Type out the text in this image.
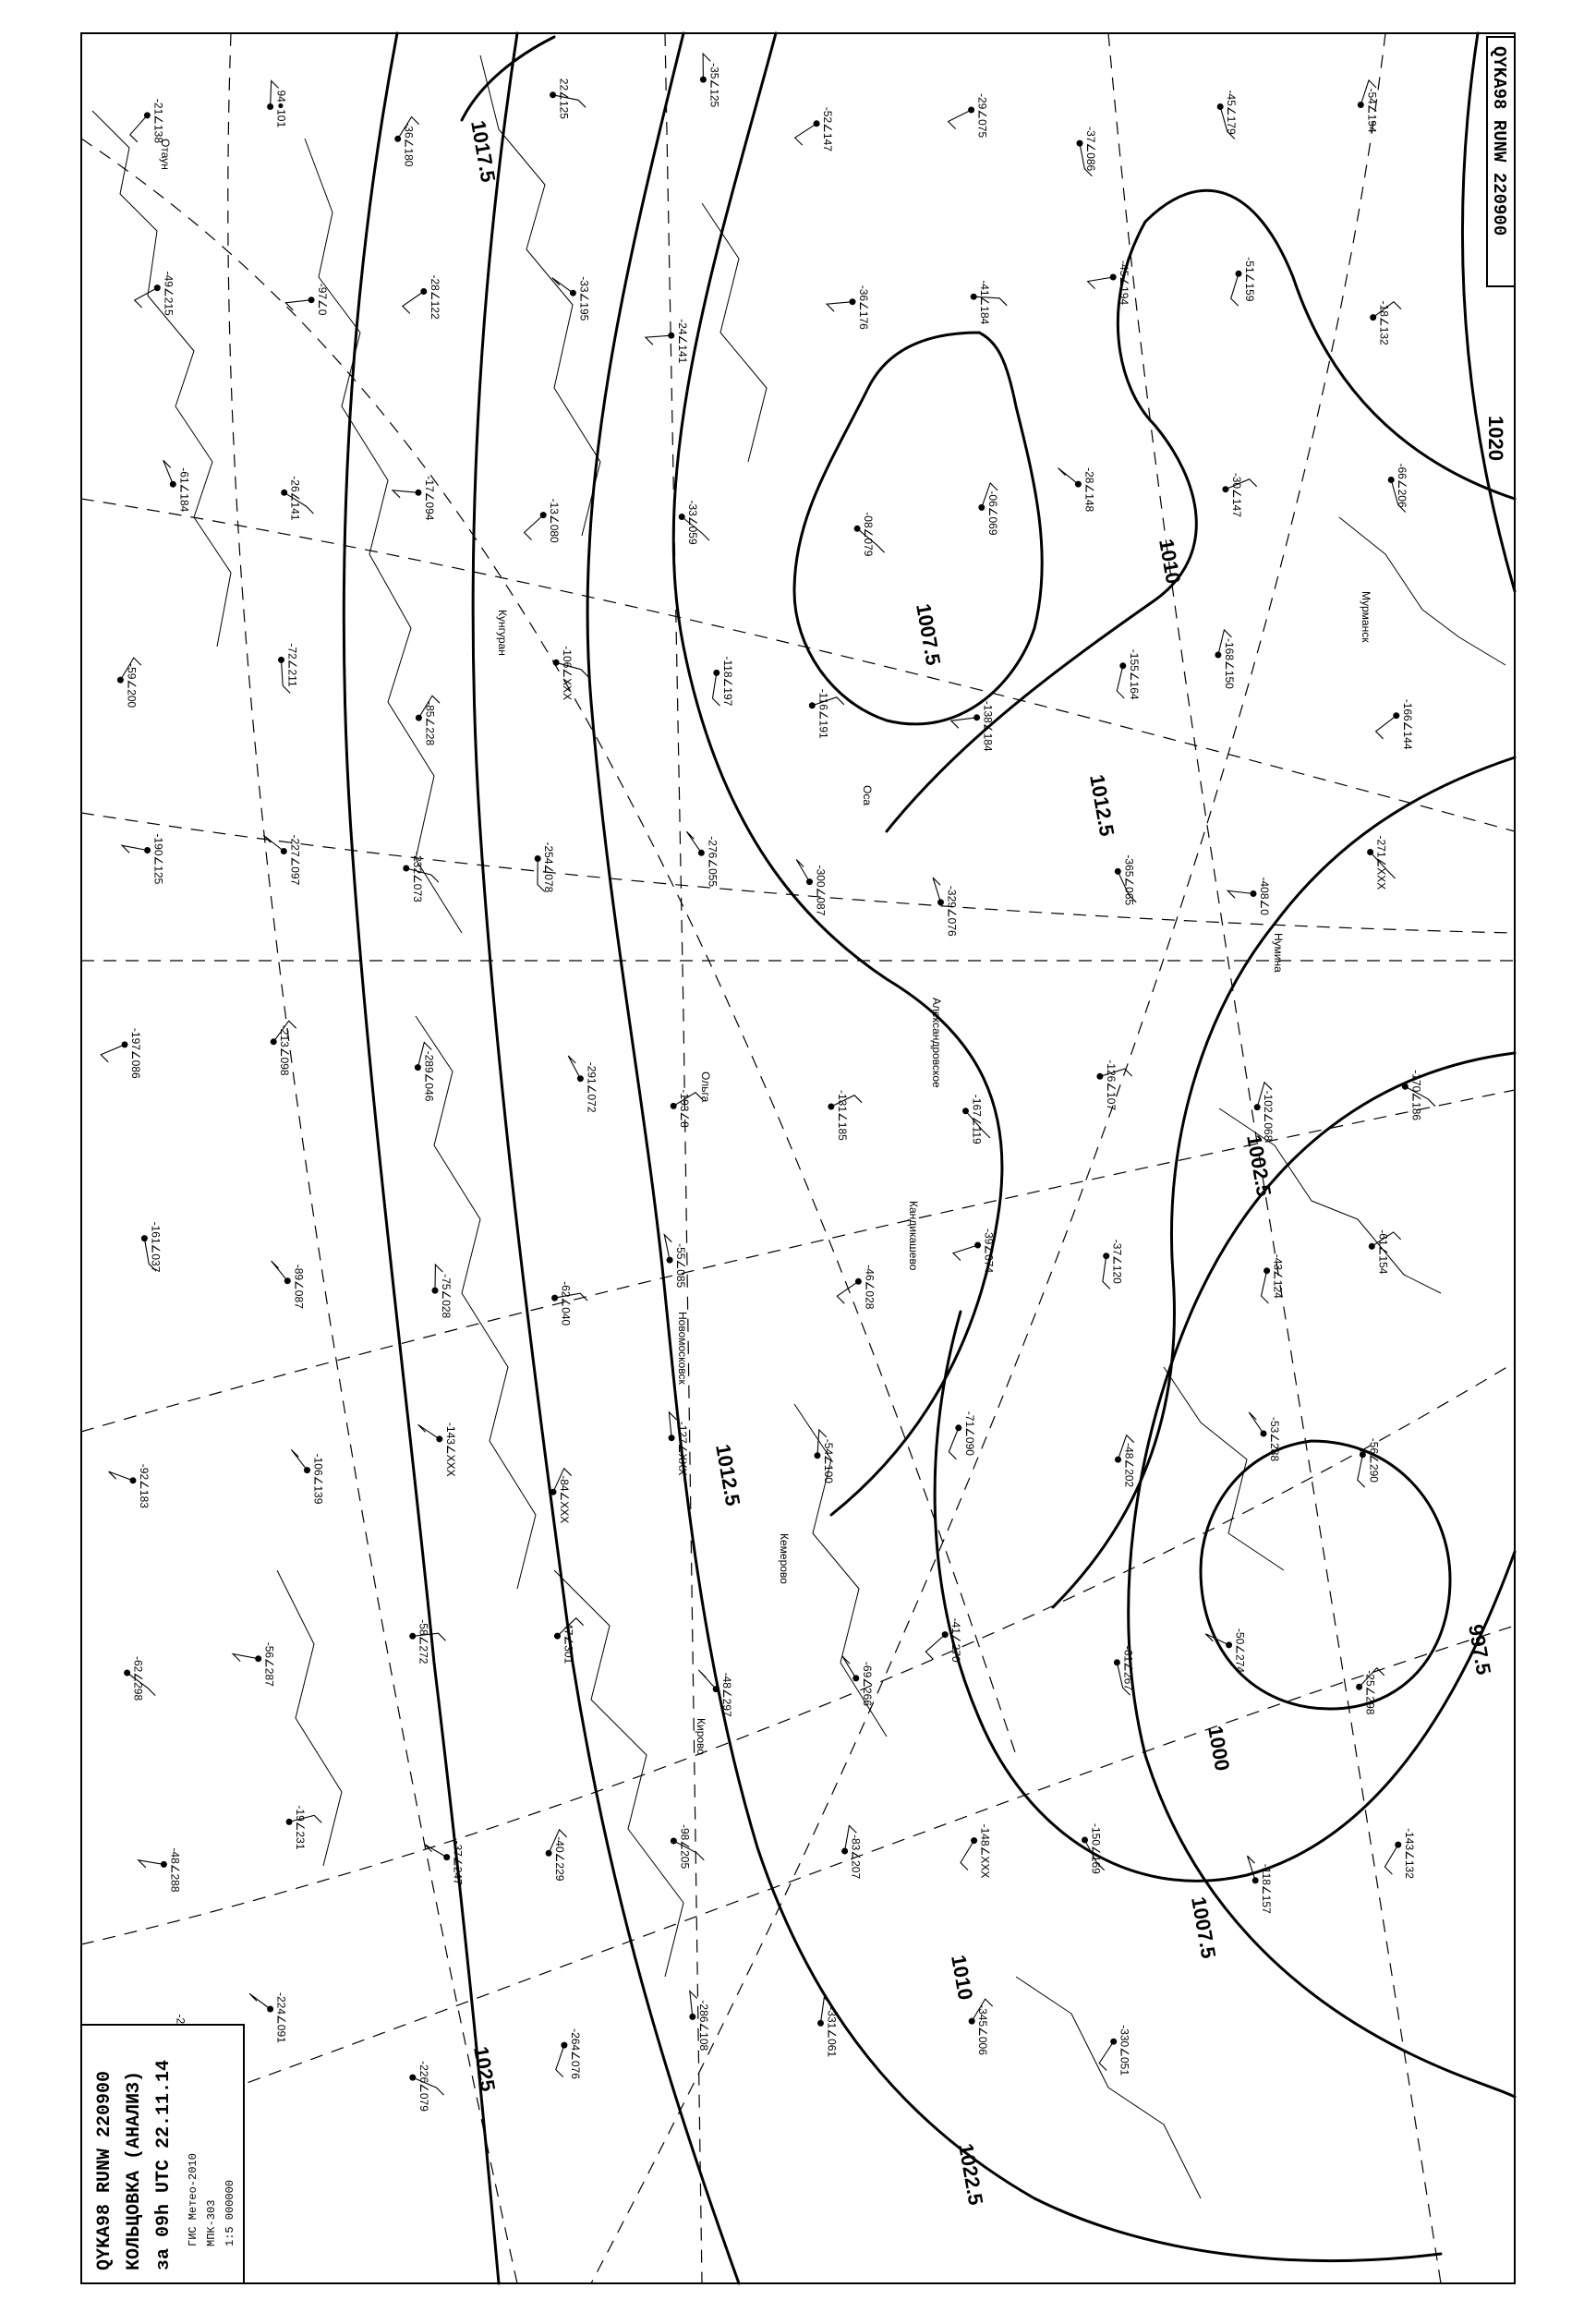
1020
1010
1007.5
1012.5
1002.5
997.5
1000
1007.5
1010
1012.5
1022.5
1025
1017.5
-21∠138	94●101
-36∠180
22∠125	-35∠125
-52∠147	-29∠075
-37∠086
-45∠179	-54∠194
-49∠215	-97∠0	-28∠122	-33∠195
-24∠141
-36∠176	-41∠184	-45∠194	-51∠159
-18∠132
-61∠184	-26∠141	-17∠094
-13∠080	-33∠059	-08∠079	-06∠069
-28∠148	-30∠147	-66∠206
-59∠200	-72∠211
-85∠228
-106∠XXX	-118∠197
-116∠191	-138∠184
-155∠164	-168∠150
-166∠144
-190∠125	-227∠097	-232∠073	-254∠078	-276∠055
-300∠087	-329∠076
-365∠065	-408∠0
-271∠XXX
-197∠086	-213∠098
-289∠046	-291∠072	-193∠8	-131∠185	-167∠119
-126∠107
-102∠068	-170∠186
-161∠037
-89∠087	-75∠028	-62∠040
-55∠085	-46∠028
-39∠074	-37∠120	-43∠124
-61∠154
-92∠183	-106∠139
-143∠XXX
-84∠XXX
-127∠XXX	-54∠100
-71∠090
-48∠202
-53∠288	-56∠290
-62∠298	-56∠287
-58∠272	-47∠301
-48∠297	-69∠266
-41∠270
-61∠267	-50∠274
-25∠298
-48∠288
-19∠231
-37∠247	-40∠229	-98∠205	-83∠207	-148∠XXX	-150∠169
-118∠157
-143∠132
-224∠091
-226∠079
-264∠076
-286∠108	-331∠061	-345∠006	-330∠051
Отаун
Кунгуран
Ольга
Новомосковск
Александровское
Кандикашево
Оса
Мурманск
Кемерово
Кирово
Нумина
QYKA98 RUNW 220900
QYKA98 RUNW 220900 КОЛЬЦОВКА (АНАЛИЗ) за 09h UTC 22.11.14 ГИС Метео-2010 МПК-303 1:5 000000
